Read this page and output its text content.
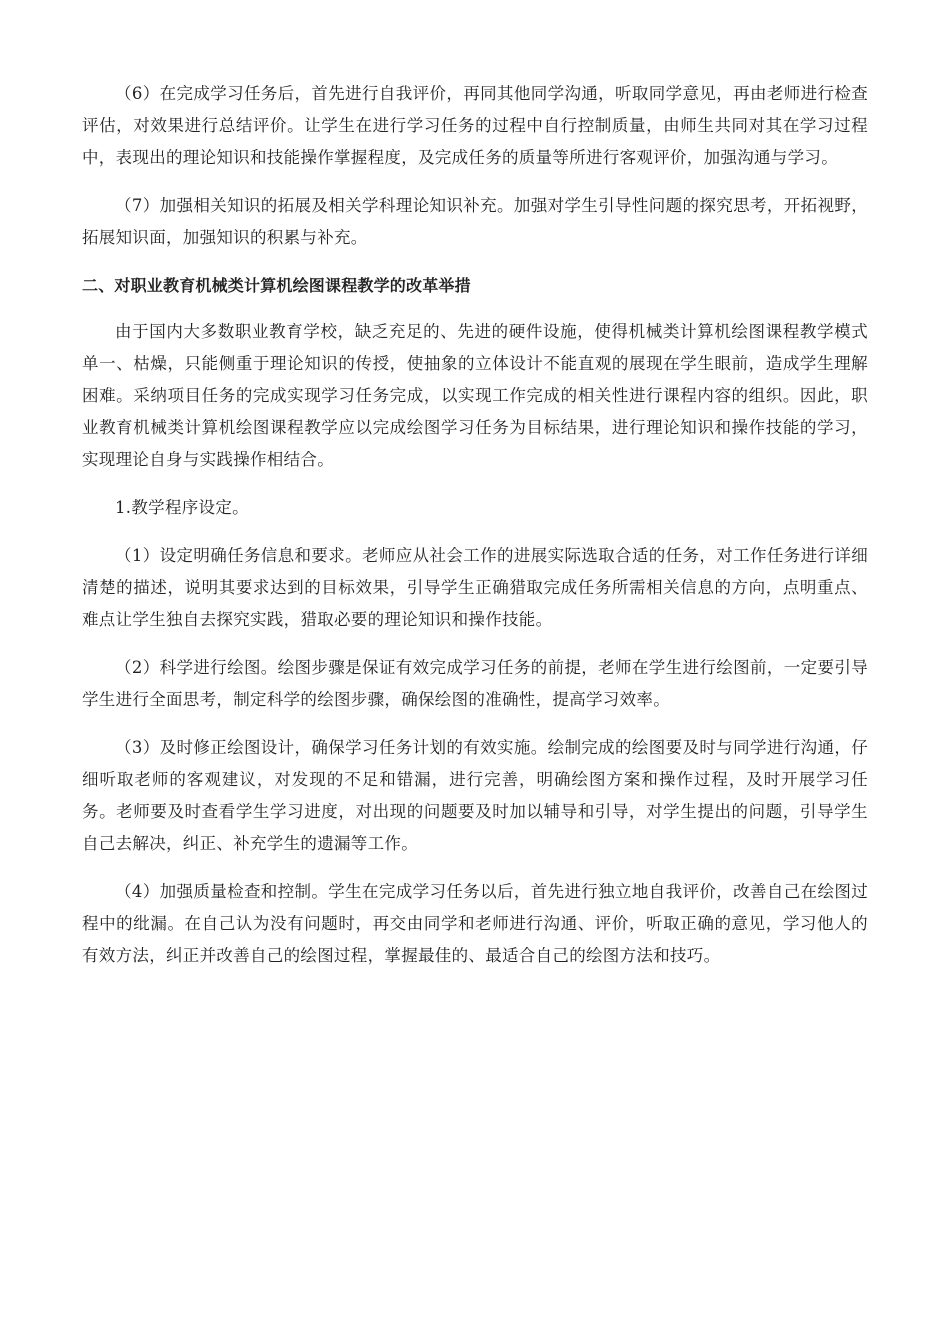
（6）在完成学习任务后，首先进行自我评价，再同其他同学沟通，听取同学意见，再由老师进行检查评估，对效果进行总结评价。让学生在进行学习任务的过程中自行控制质量，由师生共同对其在学习过程中，表现出的理论知识和技能操作掌握程度，及完成任务的质量等所进行客观评价，加强沟通与学习。

（7）加强相关知识的拓展及相关学科理论知识补充。加强对学生引导性问题的探究思考，开拓视野，拓展知识面，加强知识的积累与补充。

二、对职业教育机械类计算机绘图课程教学的改革举措

由于国内大多数职业教育学校，缺乏充足的、先进的硬件设施，使得机械类计算机绘图课程教学模式单一、枯燥，只能侧重于理论知识的传授，使抽象的立体设计不能直观的展现在学生眼前，造成学生理解困难。采纳项目任务的完成实现学习任务完成，以实现工作完成的相关性进行课程内容的组织。因此，职业教育机械类计算机绘图课程教学应以完成绘图学习任务为目标结果，进行理论知识和操作技能的学习，实现理论自身与实践操作相结合。

1.教学程序设定。

（1）设定明确任务信息和要求。老师应从社会工作的进展实际选取合适的任务，对工作任务进行详细清楚的描述，说明其要求达到的目标效果，引导学生正确猎取完成任务所需相关信息的方向，点明重点、难点让学生独自去探究实践，猎取必要的理论知识和操作技能。

（2）科学进行绘图。绘图步骤是保证有效完成学习任务的前提，老师在学生进行绘图前，一定要引导学生进行全面思考，制定科学的绘图步骤，确保绘图的准确性，提高学习效率。

（3）及时修正绘图设计，确保学习任务计划的有效实施。绘制完成的绘图要及时与同学进行沟通，仔细听取老师的客观建议，对发现的不足和错漏，进行完善，明确绘图方案和操作过程，及时开展学习任务。老师要及时查看学生学习进度，对出现的问题要及时加以辅导和引导，对学生提出的问题，引导学生自己去解决，纠正、补充学生的遗漏等工作。

（4）加强质量检查和控制。学生在完成学习任务以后，首先进行独立地自我评价，改善自己在绘图过程中的纰漏。在自己认为没有问题时，再交由同学和老师进行沟通、评价，听取正确的意见，学习他人的有效方法，纠正并改善自己的绘图过程，掌握最佳的、最适合自己的绘图方法和技巧。
